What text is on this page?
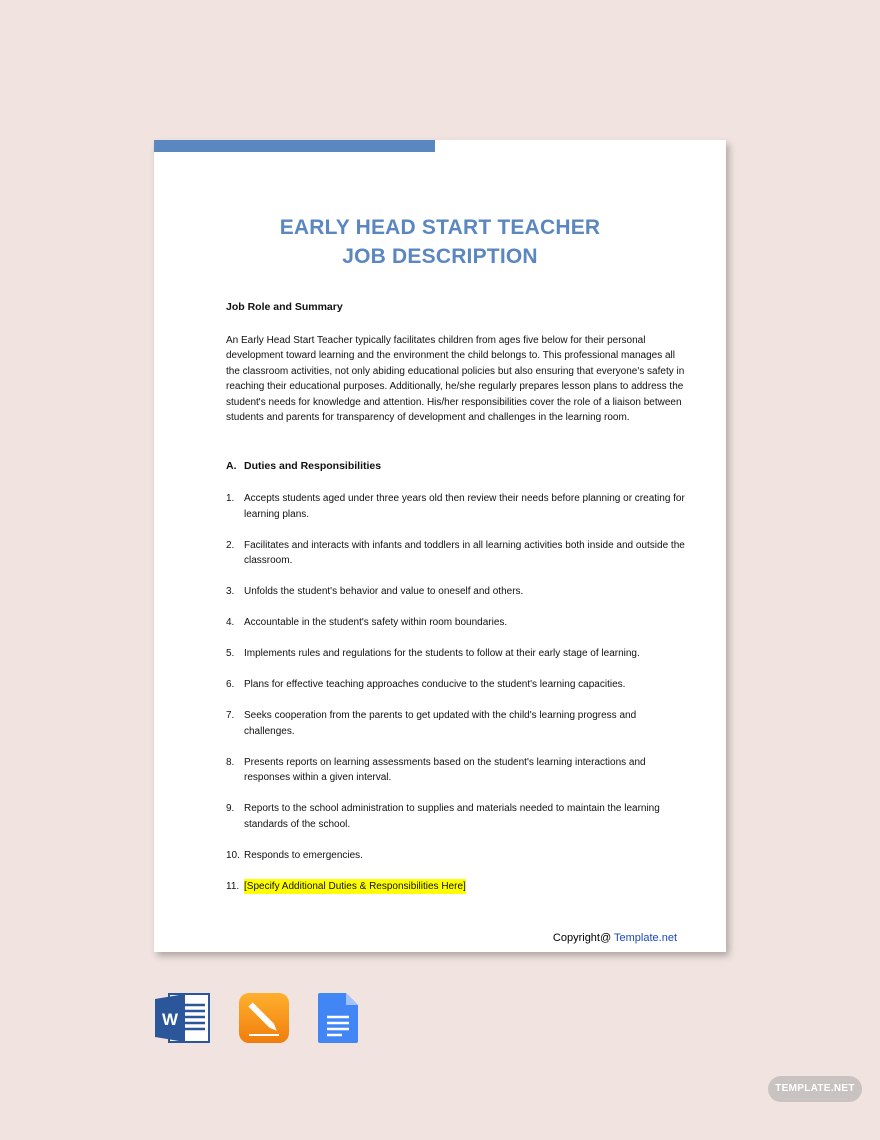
EARLY HEAD START TEACHER
JOB DESCRIPTION

Job Role and Summary

An Early Head Start Teacher typically facilitates children from ages five below for their personal development toward learning and the environment the child belongs to. This professional manages all the classroom activities, not only abiding educational policies but also ensuring that everyone's safety in reaching their educational purposes. Additionally, he/she regularly prepares lesson plans to address the student's needs for knowledge and attention. His/her responsibilities cover the role of a liaison between students and parents for transparency of development and challenges in the learning room.

A. Duties and Responsibilities
1. Accepts students aged under three years old then review their needs before planning or creating for learning plans.
2. Facilitates and interacts with infants and toddlers in all learning activities both inside and outside the classroom.
3. Unfolds the student's behavior and value to oneself and others.
4. Accountable in the student's safety within room boundaries.
5. Implements rules and regulations for the students to follow at their early stage of learning.
6. Plans for effective teaching approaches conducive to the student's learning capacities.
7. Seeks cooperation from the parents to get updated with the child's learning progress and challenges.
8. Presents reports on learning assessments based on the student's learning interactions and responses within a given interval.
9. Reports to the school administration to supplies and materials needed to maintain the learning standards of the school.
10. Responds to emergencies.
11. [Specify Additional Duties & Responsibilities Here]
Copyright@ Template.net
W
TEMPLATE.NET
